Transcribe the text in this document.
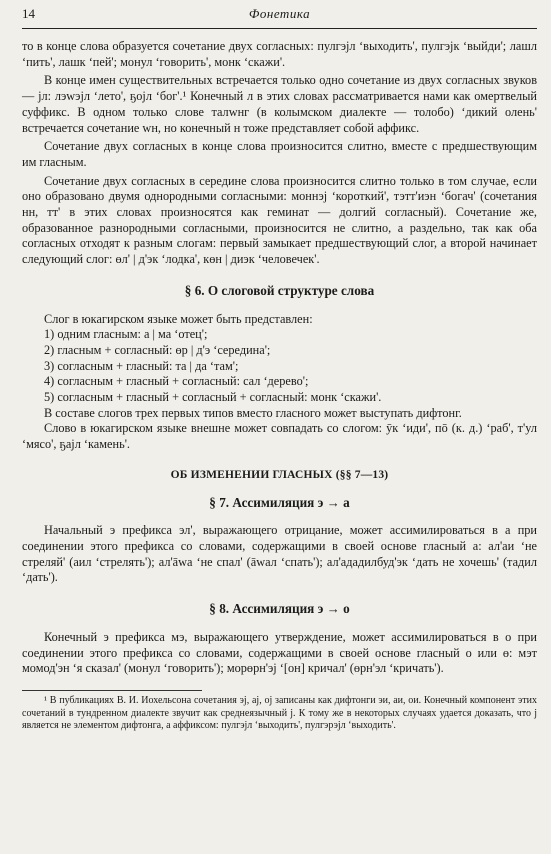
14	Фонетика

то в конце слова образуется сочетание двух согласных: пулгэјл ʻвыходить', пулгэјк ʻвыйди'; лашл ʻпить', лашк ʻпей'; монул ʻговорить', монк ʻскажи'.

В конце имен существительных встречается только одно сочетание из двух согласных звуков — јл: лэwэјл ʻлето', ҕојл ʻбог'.¹ Конечный л в этих словах рассматривается нами как омертвелый суффикс. В одном только слове талwнг (в колымском диалекте — толобо) ʻдикий олень' встречается сочетание wн, но конечный н тоже представляет собой аффикс.

Сочетание двух согласных в конце слова произносится слитно, вместе с предшествующим им гласным.

Сочетание двух согласных в середине слова произносится слитно только в том случае, если оно образовано двумя однородными согласными: моннэј ʻкороткий', тэтт'иэн ʻбогач' (сочетания нн, тт' в этих словах произносятся как геминат — долгий согласный). Сочетание же, образованное разнородными согласными, произносится не слитно, а раздельно, так как оба согласных отходят к разным слогам: первый замыкает предшествующий слог, а второй начинает следующий слог: өл' | д'эк ʻлодка', көн | диэк ʻчеловечек'.

§ 6. О слоговой структуре слова

Слог в юкагирском языке может быть представлен:

1) одним гласным: а | ма ʻотец';
2) гласным + согласный: өр | д'э ʻсередина';
3) согласным + гласный: та | да ʻтам';
4) согласным + гласный + согласный: сал ʻдерево';
5) согласным + гласный + согласный + согласный: монк ʻскажи'.

В составе слогов трех первых типов вместо гласного может выступать дифтонг.

Слово в юкагирском языке внешне может совпадать со слогом: ӯк ʻиди', пō (к. д.) ʻраб', т'ул ʻмясо', ҕајл ʻкамень'.

ОБ ИЗМЕНЕНИИ ГЛАСНЫХ (§§ 7—13)
§ 7. Ассимиляция э → а

Начальный э префикса эл', выражающего отрицание, может ассимилироваться в а при соединении этого префикса со словами, содержащими в своей основе гласный а: ал'аи ʻне стреляй' (аил ʻстрелять'); ал'āwа ʻне спал' (āwал ʻспать'); ал'ададилбуд'эк ʻдать не хочешь' (тадил ʻдать').

§ 8. Ассимиляция э → о

Конечный э префикса мэ, выражающего утверждение, может ассимилироваться в о при соединении этого префикса со словами, содержащими в своей основе гласный о или ө: мэт момод'эн ʻя сказал' (монул ʻговорить'); морөрн'эј ʻ[он] кричал' (өрн'эл ʻкричать').

¹ В публикациях В. И. Иохельсона сочетания эј, ај, ој записаны как дифтонги эи, аи, ои. Конечный компонент этих сочетаний в тундренном диалекте звучит как среднеязычный ј. К тому же в некоторых случаях удается доказать, что ј является не элементом дифтонга, а аффиксом: пулгэјл ʻвыходить', пулгэрэјл ʻвыходить'.
